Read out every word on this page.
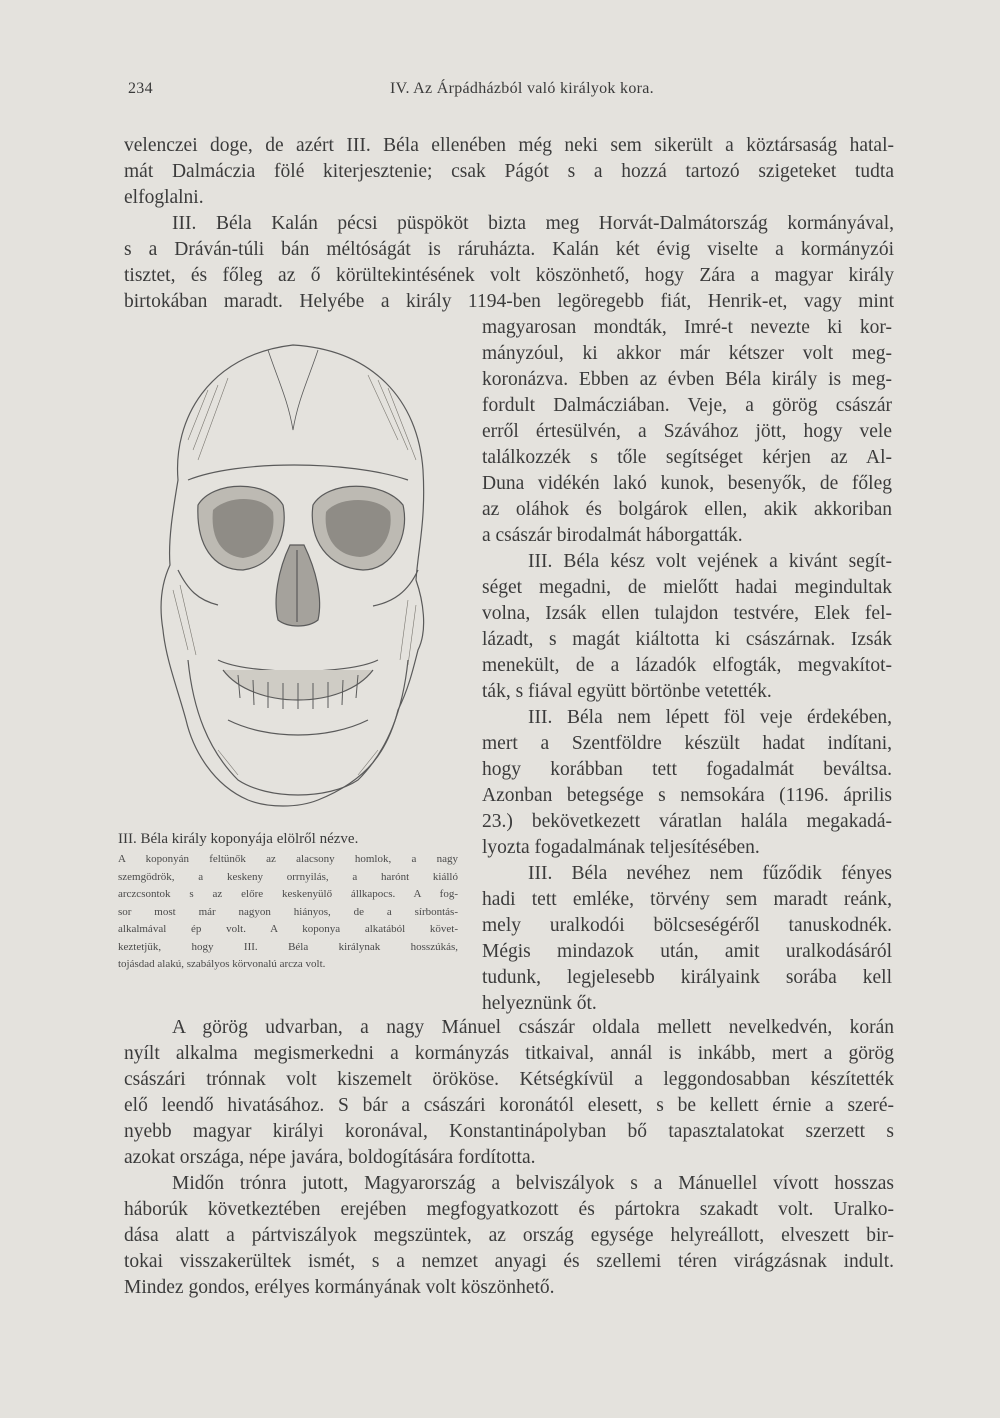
234	IV. Az Árpádházból való királyok kora.
velenczei doge, de azért III. Béla ellenében még neki sem sikerült a köztársaság hatal-
mát Dalmáczia fölé kiterjesztenie; csak Págót s a hozzá tartozó szigeteket tudta
elfoglalni.
III. Béla Kalán pécsi püspököt bizta meg Horvát-Dalmátország kormányával,
s a Dráván-túli bán méltóságát is ráruházta. Kalán két évig viselte a kormányzói
tisztet, és főleg az ő körültekintésének volt köszönhető, hogy Zára a magyar király
birtokában maradt. Helyébe a király 1194-ben legöregebb fiát, Henrik-et, vagy mint
magyarosan mondták, Imré-t nevezte ki kor-
mányzóul, ki akkor már kétszer volt meg-
koronázva. Ebben az évben Béla király is meg-
fordult Dalmácziában. Veje, a görög császár
erről értesülvén, a Szávához jött, hogy vele
találkozzék s tőle segítséget kérjen az Al-
Duna vidékén lakó kunok, besenyők, de főleg
az oláhok és bolgárok ellen, akik akkoriban
a császár birodalmát háborgatták.
III. Béla kész volt vejének a kivánt segít-
séget megadni, de mielőtt hadai megindultak
volna, Izsák ellen tulajdon testvére, Elek fel-
lázadt, s magát kiáltotta ki császárnak. Izsák
menekült, de a lázadók elfogták, megvakítot-
ták, s fiával együtt börtönbe vetették.
III. Béla nem lépett föl veje érdekében,
mert a Szentföldre készült hadat indítani,
hogy korábban tett fogadalmát beváltsa.
Azonban betegsége s nemsokára (1196. április
23.) bekövetkezett váratlan halála megakadá-
lyozta fogadalmának teljesítésében.
III. Béla nevéhez nem fűződik fényes
hadi tett emléke, törvény sem maradt reánk,
mely uralkodói bölcseségéről tanuskodnék.
Mégis mindazok után, amit uralkodásáról
tudunk, legjelesebb királyaink sorába kell
helyeznünk őt.
III. Béla király koponyája elölről nézve.
A koponyán feltünők az alacsony homlok, a nagy
szemgödrök, a keskeny orrnyilás, a harónt kiálló
arczcsontok s az előre keskenyülő állkapocs. A fog-
sor most már nagyon hiányos, de a sírbontás-
alkalmával ép volt. A koponya alkatából követ-
keztetjük, hogy III. Béla királynak hosszúkás,
tojásdad alakú, szabályos körvonalú arcza volt.
A görög udvarban, a nagy Mánuel császár oldala mellett nevelkedvén, korán
nyílt alkalma megismerkedni a kormányzás titkaival, annál is inkább, mert a görög
császári trónnak volt kiszemelt örököse. Kétségkívül a leggondosabban készítették
elő leendő hivatásához. S bár a császári koronától elesett, s be kellett érnie a szeré-
nyebb magyar királyi koronával, Konstantinápolyban bő tapasztalatokat szerzett s
azokat országa, népe javára, boldogítására fordította.
Midőn trónra jutott, Magyarország a belviszályok s a Mánuellel vívott hosszas
háborúk következtében erejében megfogyatkozott és pártokra szakadt volt. Uralko-
dása alatt a pártviszályok megszüntek, az ország egysége helyreállott, elveszett bir-
tokai visszakerültek ismét, s a nemzet anyagi és szellemi téren virágzásnak indult.
Mindez gondos, erélyes kormányának volt köszönhető.
